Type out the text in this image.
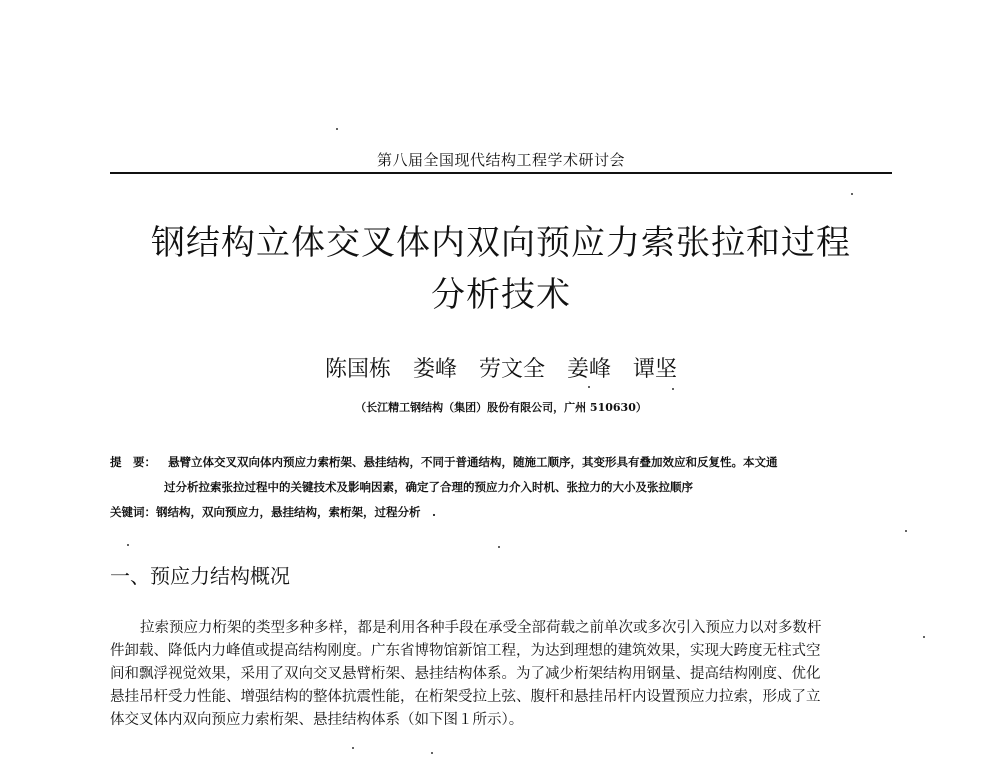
第八届全国现代结构工程学术研讨会
钢结构立体交叉体内双向预应力索张拉和过程
分析技术
陈国栋　娄峰　劳文全　姜峰　谭坚
（长江精工钢结构（集团）股份有限公司，广州 510630）
提　要： 悬臂立体交叉双向体内预应力索桁架、悬挂结构，不同于普通结构，随施工顺序，其变形具有叠加效应和反复性。本文通
过分析拉索张拉过程中的关键技术及影响因素，确定了合理的预应力介入时机、张拉力的大小及张拉顺序
关键词：钢结构，双向预应力，悬挂结构，索桁架，过程分析　.
一、预应力结构概况
拉索预应力桁架的类型多种多样，都是利用各种手段在承受全部荷载之前单次或多次引入预应力以对多数杆
件卸载、降低内力峰值或提高结构刚度。广东省博物馆新馆工程，为达到理想的建筑效果，实现大跨度无柱式空
间和飘浮视觉效果，采用了双向交叉悬臂桁架、悬挂结构体系。为了减少桁架结构用钢量、提高结构刚度、优化
悬挂吊杆受力性能、增强结构的整体抗震性能，在桁架受拉上弦、腹杆和悬挂吊杆内设置预应力拉索，形成了立
体交叉体内双向预应力索桁架、悬挂结构体系（如下图１所示）。
